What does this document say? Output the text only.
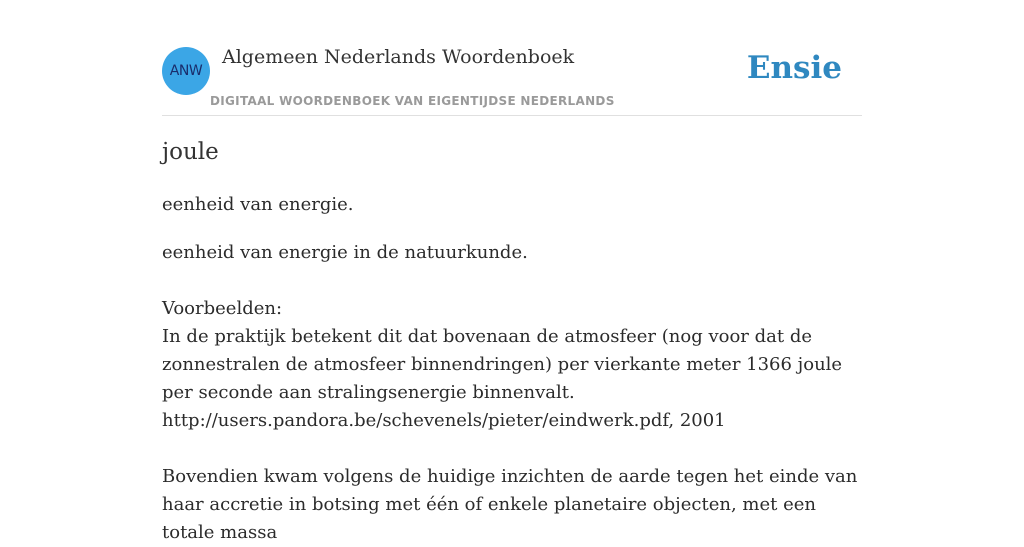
ANW
Algemeen Nederlands Woordenboek
DIGITAAL WOORDENBOEK VAN EIGENTIJDSE NEDERLANDS
Ensie
joule
eenheid van energie.

eenheid van energie in de natuurkunde.

Voorbeelden:

In de praktijk betekent dit dat bovenaan de atmosfeer (nog voor dat de zonnestralen de atmosfeer binnendringen) per vierkante meter 1366 joule per seconde aan stralingsenergie binnenvalt.

http://users.pandora.be/schevenels/pieter/eindwerk.pdf, 2001

Bovendien kwam volgens de huidige inzichten de aarde tegen het einde van haar accretie in botsing met één of enkele planetaire objecten, met een totale massa
